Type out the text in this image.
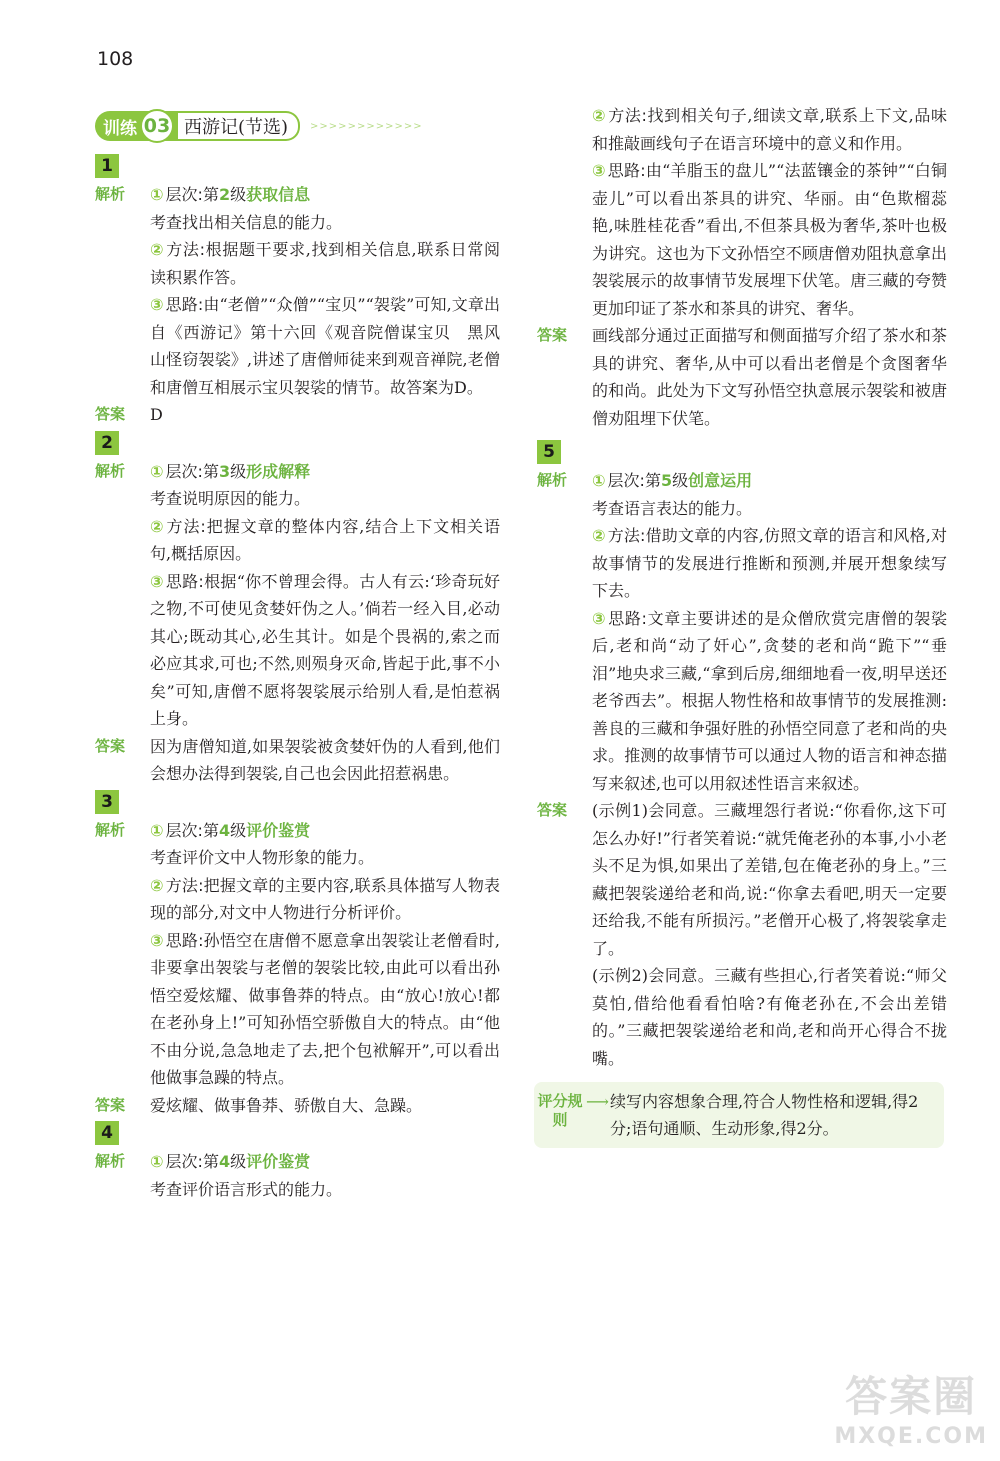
108
训练 03 西游记(节选)	>>>>>>>>>>>>
1
解析	① 层次:第2级获取信息

考查找出相关信息的能力。

② 方法:根据题干要求,找到相关信息,联系日常阅读积累作答。

③ 思路:由“老僧”“众僧”“宝贝”“袈裟”可知,文章出自《西游记》第十六回《观音院僧谋宝贝　黑风山怪窃袈裟》,讲述了唐僧师徒来到观音禅院,老僧和唐僧互相展示宝贝袈裟的情节。故答案为D。

答案	D
2
解析	① 层次:第3级形成解释

考查说明原因的能力。

② 方法:把握文章的整体内容,结合上下文相关语句,概括原因。

③ 思路:根据“你不曾理会得。古人有云:‘珍奇玩好之物,不可使见贪婪奸伪之人。’倘若一经入目,必动其心;既动其心,必生其计。如是个畏祸的,索之而必应其求,可也;不然,则殒身灭命,皆起于此,事不小矣”可知,唐僧不愿将袈裟展示给别人看,是怕惹祸上身。

答案	因为唐僧知道,如果袈裟被贪婪奸伪的人看到,他们会想办法得到袈裟,自己也会因此招惹祸患。
3
解析	① 层次:第4级评价鉴赏

考查评价文中人物形象的能力。

② 方法:把握文章的主要内容,联系具体描写人物表现的部分,对文中人物进行分析评价。

③ 思路:孙悟空在唐僧不愿意拿出袈裟让老僧看时,非要拿出袈裟与老僧的袈裟比较,由此可以看出孙悟空爱炫耀、做事鲁莽的特点。由“放心!放心!都在老孙身上!”可知孙悟空骄傲自大的特点。由“他不由分说,急急地走了去,把个包袱解开”,可以看出他做事急躁的特点。

答案	爱炫耀、做事鲁莽、骄傲自大、急躁。
4
解析	① 层次:第4级评价鉴赏

考查评价语言形式的能力。

② 方法:找到相关句子,细读文章,联系上下文,品味和推敲画线句子在语言环境中的意义和作用。

③ 思路:由“羊脂玉的盘儿”“法蓝镶金的茶钟”“白铜壶儿”可以看出茶具的讲究、华丽。由“色欺榴蕊艳,味胜桂花香”看出,不但茶具极为奢华,茶叶也极为讲究。这也为下文孙悟空不顾唐僧劝阻执意拿出袈裟展示的故事情节发展埋下伏笔。唐三藏的夸赞更加印证了茶水和茶具的讲究、奢华。

答案	画线部分通过正面描写和侧面描写介绍了茶水和茶具的讲究、奢华,从中可以看出老僧是个贪图奢华的和尚。此处为下文写孙悟空执意展示袈裟和被唐僧劝阻埋下伏笔。
5
解析	① 层次:第5级创意运用

考查语言表达的能力。

② 方法:借助文章的内容,仿照文章的语言和风格,对故事情节的发展进行推断和预测,并展开想象续写下去。

③ 思路:文章主要讲述的是众僧欣赏完唐僧的袈裟后,老和尚“动了奸心”,贪婪的老和尚“跪下”“垂泪”地央求三藏,“拿到后房,细细地看一夜,明早送还老爷西去”。根据人物性格和故事情节的发展推测:善良的三藏和争强好胜的孙悟空同意了老和尚的央求。推测的故事情节可以通过人物的语言和神态描写来叙述,也可以用叙述性语言来叙述。

答案	(示例1)会同意。三藏埋怨行者说:“你看你,这下可怎么办好!”行者笑着说:“就凭俺老孙的本事,小小老头不足为惧,如果出了差错,包在俺老孙的身上。”三藏把袈裟递给老和尚,说:“你拿去看吧,明天一定要还给我,不能有所损污。”老僧开心极了,将袈裟拿走了。

(示例2)会同意。三藏有些担心,行者笑着说:“师父莫怕,借给他看看怕啥?有俺老孙在,不会出差错的。”三藏把袈裟递给老和尚,老和尚开心得合不拢嘴。

评分规则
⟶ 续写内容想象合理,符合人物性格和逻辑,得2分;语句通顺、生动形象,得2分。
答案圈
MXQE.COM
